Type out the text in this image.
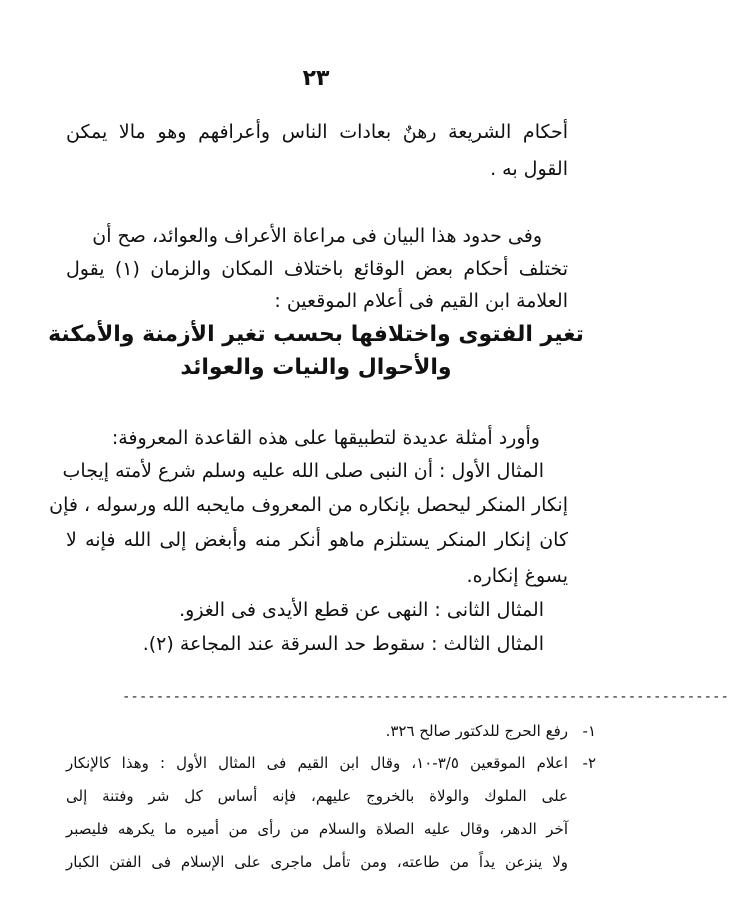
٢٣
أحكام الشريعة رهنٌ بعادات الناس وأعرافهم وهو مالا يمكن
القول به .
وفى حدود هذا البيان فى مراعاة الأعراف والعوائد، صح أن
تختلف أحكام بعض الوقائع باختلاف المكان والزمان (١) يقول
العلامة ابن القيم فى أعلام الموقعين :
تغير الفتوى واختلافها بحسب تغير الأزمنة والأمكنة
والأحوال والنيات والعوائد
وأورد أمثلة عديدة لتطبيقها على هذه القاعدة المعروفة:
المثال الأول : أن النبى صلى الله عليه وسلم شرع لأمته إيجاب
إنكار المنكر ليحصل بإنكاره من المعروف مايحبه الله ورسوله ، فإن
كان إنكار المنكر يستلزم ماهو أنكر منه وأبغض إلى الله فإنه لا
يسوغ إنكاره.
المثال الثانى : النهى عن قطع الأيدى فى الغزو.
المثال الثالث : سقوط حد السرقة عند المجاعة (٢).
------------------------------------------------------------------------
١-
رفع الحرج للدكتور صالح ٣٢٦.
٢-
اعلام الموقعين ٣/٥-١٠، وقال ابن القيم فى المثال الأول : وهذا كالإنكار
على الملوك والولاة بالخروج عليهم، فإنه أساس كل شر وفتنة إلى
آخر الدهر، وقال عليه الصلاة والسلام من رأى من أميره ما يكرهه فليصبر
ولا ينزعن يداً من طاعته، ومن تأمل ماجرى على الإسلام فى الفتن الكبار
